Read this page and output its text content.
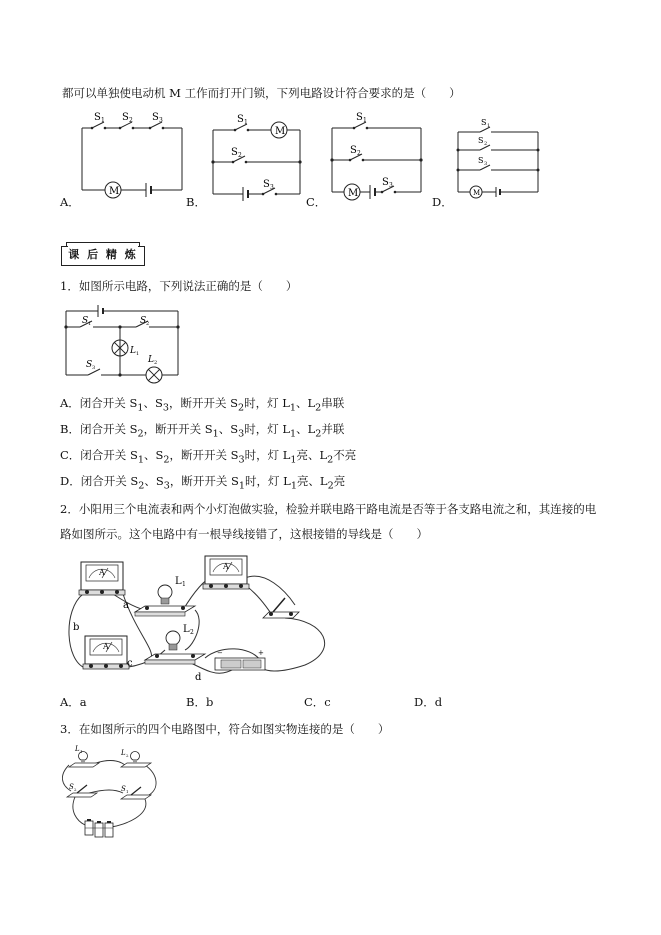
都可以单独使电动机 M 工作而打开门锁，下列电路设计符合要求的是（　　）
S 1 S 2 S 3
M
A．
S 1
M
S 2
S 3
B．
S 1
S 2
M
S 3
C．
S 1
S 2
S 3
M
D．
课 后 精 炼
1．如图所示电路，下列说法正确的是（　　）
S 1	S 2
L 1
S 3
L 2
A．闭合开关 $S_1$、$S_3$，断开开关 $S_2$时，灯 $L_1$、$L_2$串联
B．闭合开关 $S_2$，断开开关 $S_1$、$S_3$时，灯 $L_1$、$L_2$并联
C．闭合开关 $S_1$、$S_2$，断开开关 $S_3$时，灯 $L_1$亮、$L_2$不亮
D．闭合开关 $S_2$、$S_3$，断开开关 $S_1$时，灯 $L_1$亮、$L_2$亮
2．小阳用三个电流表和两个小灯泡做实验，检验并联电路干路电流是否等于各支路电流之和，其连接的电
路如图所示。这个电路中有一根导线接错了，这根接错的导线是（　　）
A
A
A
L 1
L 2
−	+
a
b
c
d
A．a	B．b	C．c	D．d
3．在如图所示的四个电路图中，符合如图实物连接的是（　　）
L 1	L 2
S 2	S 1
